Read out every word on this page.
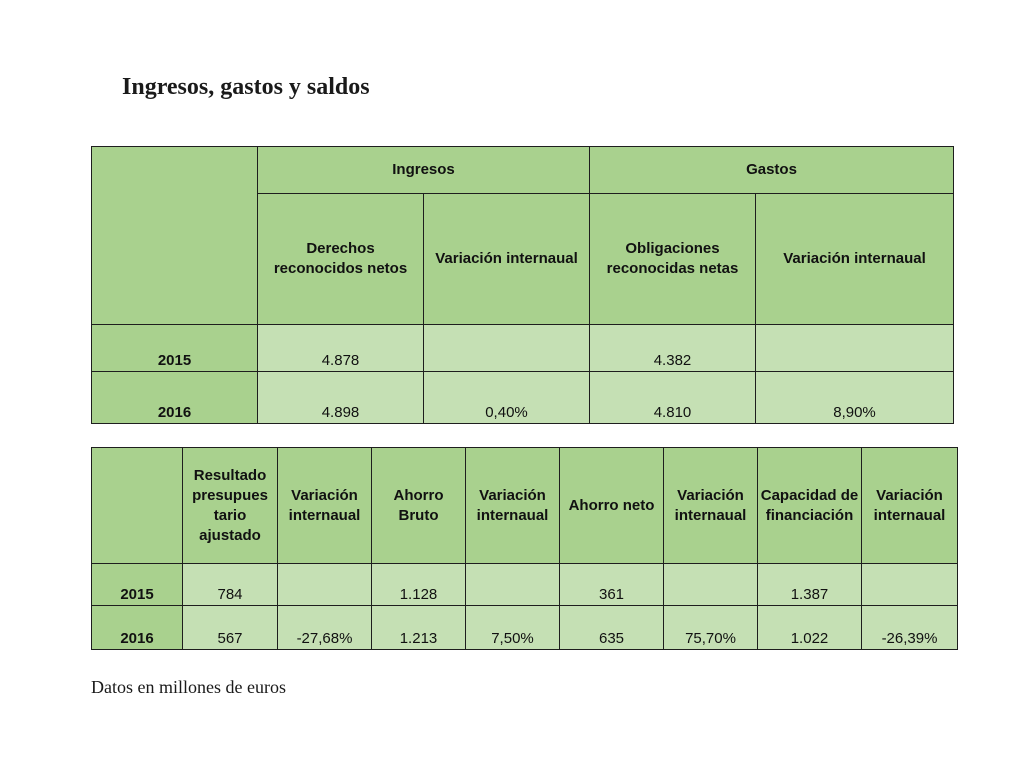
Ingresos, gastos y saldos
	Ingresos		Gastos	
	Derechos reconocidos netos	Variación internaual	Obligaciones reconocidas netas	Variación internaual
2015	4.878		4.382	
2016	4.898	0,40%	4.810	8,90%
	Resultado
presupues
tario
ajustado	Variación internaual	Ahorro Bruto	Variación internaual	Ahorro neto	Variación internaual	Capacidad de financiación	Variación internaual
2015	784		1.128		361		1.387	
2016	567	-27,68%	1.213	7,50%	635	75,70%	1.022	-26,39%
Datos en millones de euros
